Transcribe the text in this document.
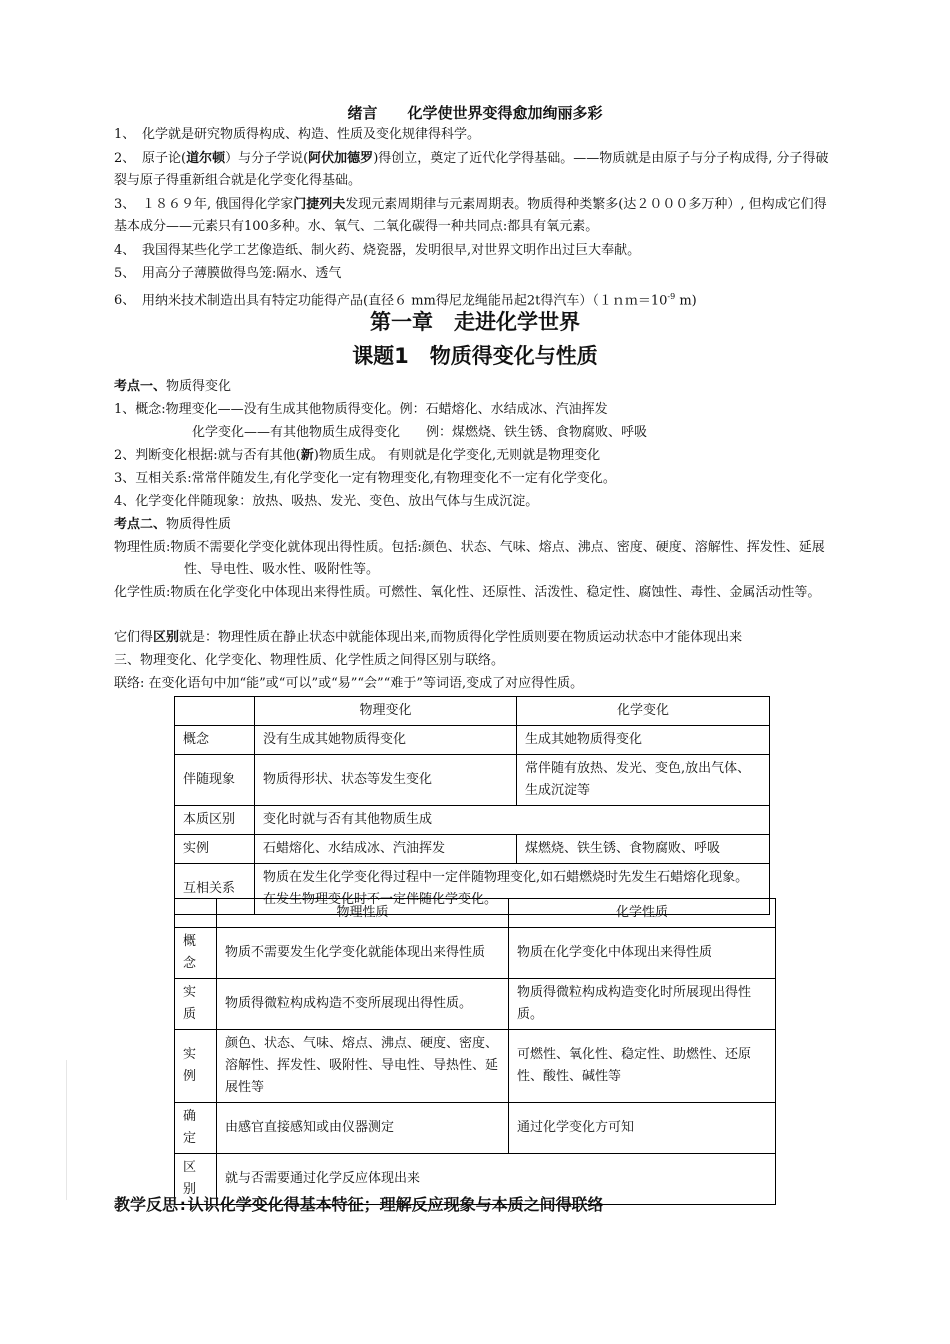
绪言 化学使世界变得愈加绚丽多彩
1、 化学就是研究物质得构成、构造、性质及变化规律得科学。
2、 原子论(道尔顿）与分子学说(阿伏加德罗)得创立，奠定了近代化学得基础。——物质就是由原子与分子构成得, 分子得破裂与原子得重新组合就是化学变化得基础。
3、 １８６９年, 俄国得化学家门捷列夫发现元素周期律与元素周期表。物质得种类繁多(达２０００多万种）, 但构成它们得基本成分——元素只有100多种。水、氧气、二氧化碳得一种共同点:都具有氧元素。
4、 我国得某些化学工艺像造纸、制火药、烧瓷器，发明很早,对世界文明作出过巨大奉献。
5、 用高分子薄膜做得鸟笼:隔水、透气
6、 用纳米技术制造出具有特定功能得产品(直径６ mm得尼龙绳能吊起2t得汽车）（$1nm=10^{-9}$ m)
第一章　走进化学世界
课题1　物质得变化与性质
考点一、物质得变化
1、概念:物理变化——没有生成其他物质得变化。例：石蜡熔化、水结成冰、汽油挥发
化学变化——有其他物质生成得变化　　例：煤燃烧、铁生锈、食物腐败、呼吸
2、判断变化根据:就与否有其他(新)物质生成。 有则就是化学变化,无则就是物理变化
3、互相关系:常常伴随发生,有化学变化一定有物理变化,有物理变化不一定有化学变化。
4、化学变化伴随现象：放热、吸热、发光、变色、放出气体与生成沉淀。
考点二、物质得性质
物理性质:物质不需要化学变化就体现出得性质。包括:颜色、状态、气味、熔点、沸点、密度、硬度、溶解性、挥发性、延展性、导电性、吸水性、吸附性等。
化学性质:物质在化学变化中体现出来得性质。可燃性、氧化性、还原性、活泼性、稳定性、腐蚀性、毒性、金属活动性等。
它们得区别就是：物理性质在静止状态中就能体现出来,而物质得化学性质则要在物质运动状态中才能体现出来
三、物理变化、化学变化、物理性质、化学性质之间得区别与联络。
联络: 在变化语句中加“能”或“可以”或“易”“会”“难于”等词语,变成了对应得性质。
	物理变化	化学变化
概念	没有生成其她物质得变化	生成其她物质得变化
伴随现象	物质得形状、状态等发生变化	常伴随有放热、发光、变色,放出气体、生成沉淀等
本质区别	变化时就与否有其他物质生成	
实例	石蜡熔化、水结成冰、汽油挥发	煤燃烧、铁生锈、食物腐败、呼吸
互相关系	物质在发生化学变化得过程中一定伴随物理变化,如石蜡燃烧时先发生石蜡熔化现象。在发生物理变化时不一定伴随化学变化。	
	物理性质	化学性质
概念	物质不需要发生化学变化就能体现出来得性质	物质在化学变化中体现出来得性质
实质	物质得微粒构成构造不变所展现出得性质。	物质得微粒构成构造变化时所展现出得性质。
实例	颜色、状态、气味、熔点、沸点、硬度、密度、溶解性、挥发性、吸附性、导电性、导热性、延展性等	可燃性、氧化性、稳定性、助燃性、还原性、酸性、碱性等
确定	由感官直接感知或由仪器测定	通过化学变化方可知
区别	就与否需要通过化学反应体现出来	
教学反思:认识化学变化得基本特征；理解反应现象与本质之间得联络
